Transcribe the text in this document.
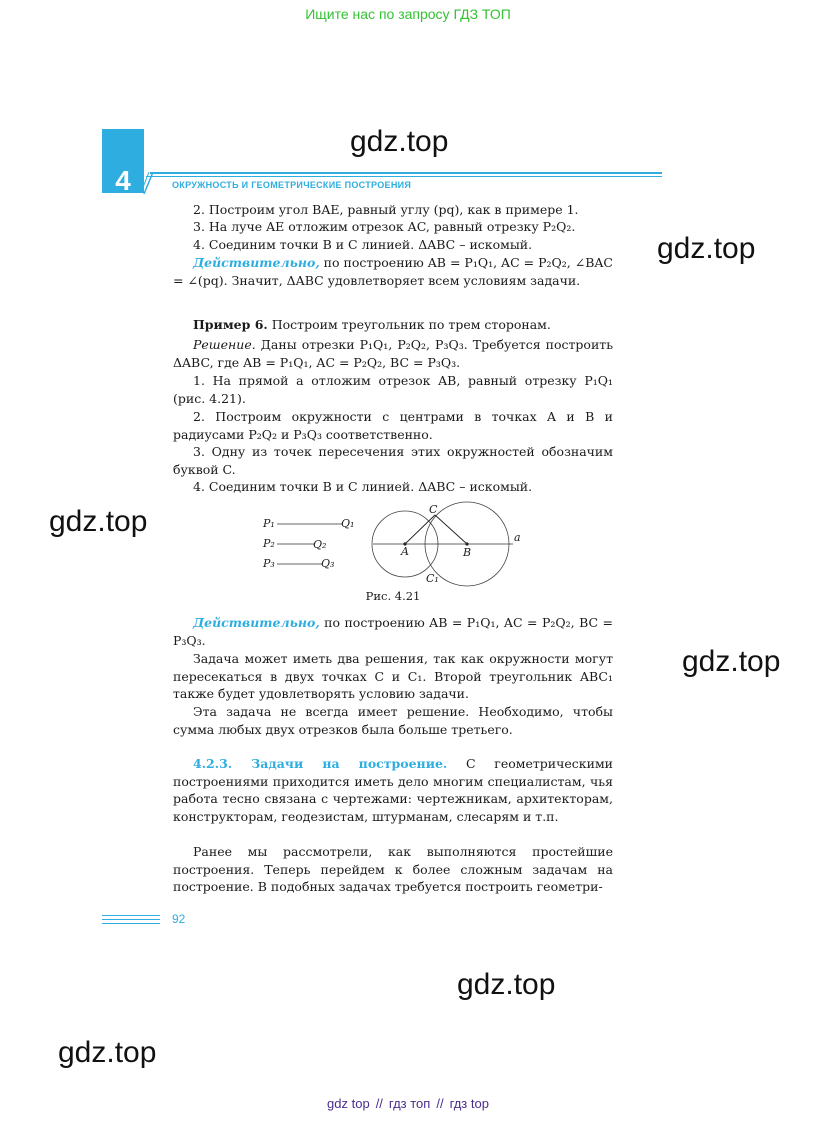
Ищите нас по запросу ГДЗ ТОП
gdz.top
gdz.top
gdz.top
gdz.top
gdz.top
gdz.top
4	ОКРУЖНОСТЬ И ГЕОМЕТРИЧЕСКИЕ ПОСТРОЕНИЯ
2. Построим угол BAE, равный углу (pq), как в примере 1.
3. На луче AE отложим отрезок AC, равный отрезку P₂Q₂.
4. Соединим точки B и C линией. ΔABC – искомый.
Действительно, по построению AB = P₁Q₁, AC = P₂Q₂, ∠BAC = ∠(pq). Значит, ΔABC удовлетворяет всем условиям задачи.
Пример 6. Построим треугольник по трем сторонам.
Решение. Даны отрезки P₁Q₁, P₂Q₂, P₃Q₃. Требуется построить ΔABC, где AB = P₁Q₁, AC = P₂Q₂, BC = P₃Q₃.
1. На прямой a отложим отрезок AB, равный отрезку P₁Q₁ (рис. 4.21).
2. Построим окружности с центрами в точках A и B и радиусами P₂Q₂ и P₃Q₃ соответственно.
3. Одну из точек пересечения этих окружностей обозначим буквой C.
4. Соединим точки B и C линией. ΔABC – искомый.
P₁	Q₁
P₂	Q₂
P₃	Q₃
A	B
C
C₁
a
Рис. 4.21
Действительно, по построению AB = P₁Q₁, AC = P₂Q₂, BC = P₃Q₃.
Задача может иметь два решения, так как окружности могут пересекаться в двух точках C и C₁. Второй треугольник ABC₁ также будет удовлетворять условию задачи.
Эта задача не всегда имеет решение. Необходимо, чтобы сумма любых двух отрезков была больше третьего.
4.2.3. Задачи на построение. С геометрическими построениями приходится иметь дело многим специалистам, чья работа тесно связана с чертежами: чертежникам, архитекторам, конструкторам, геодезистам, штурманам, слесарям и т.п.
Ранее мы рассмотрели, как выполняются простейшие построения. Теперь перейдем к более сложным задачам на построение. В подобных задачах требуется построить геометри-
92
gdz top // гдз топ // гдз top
